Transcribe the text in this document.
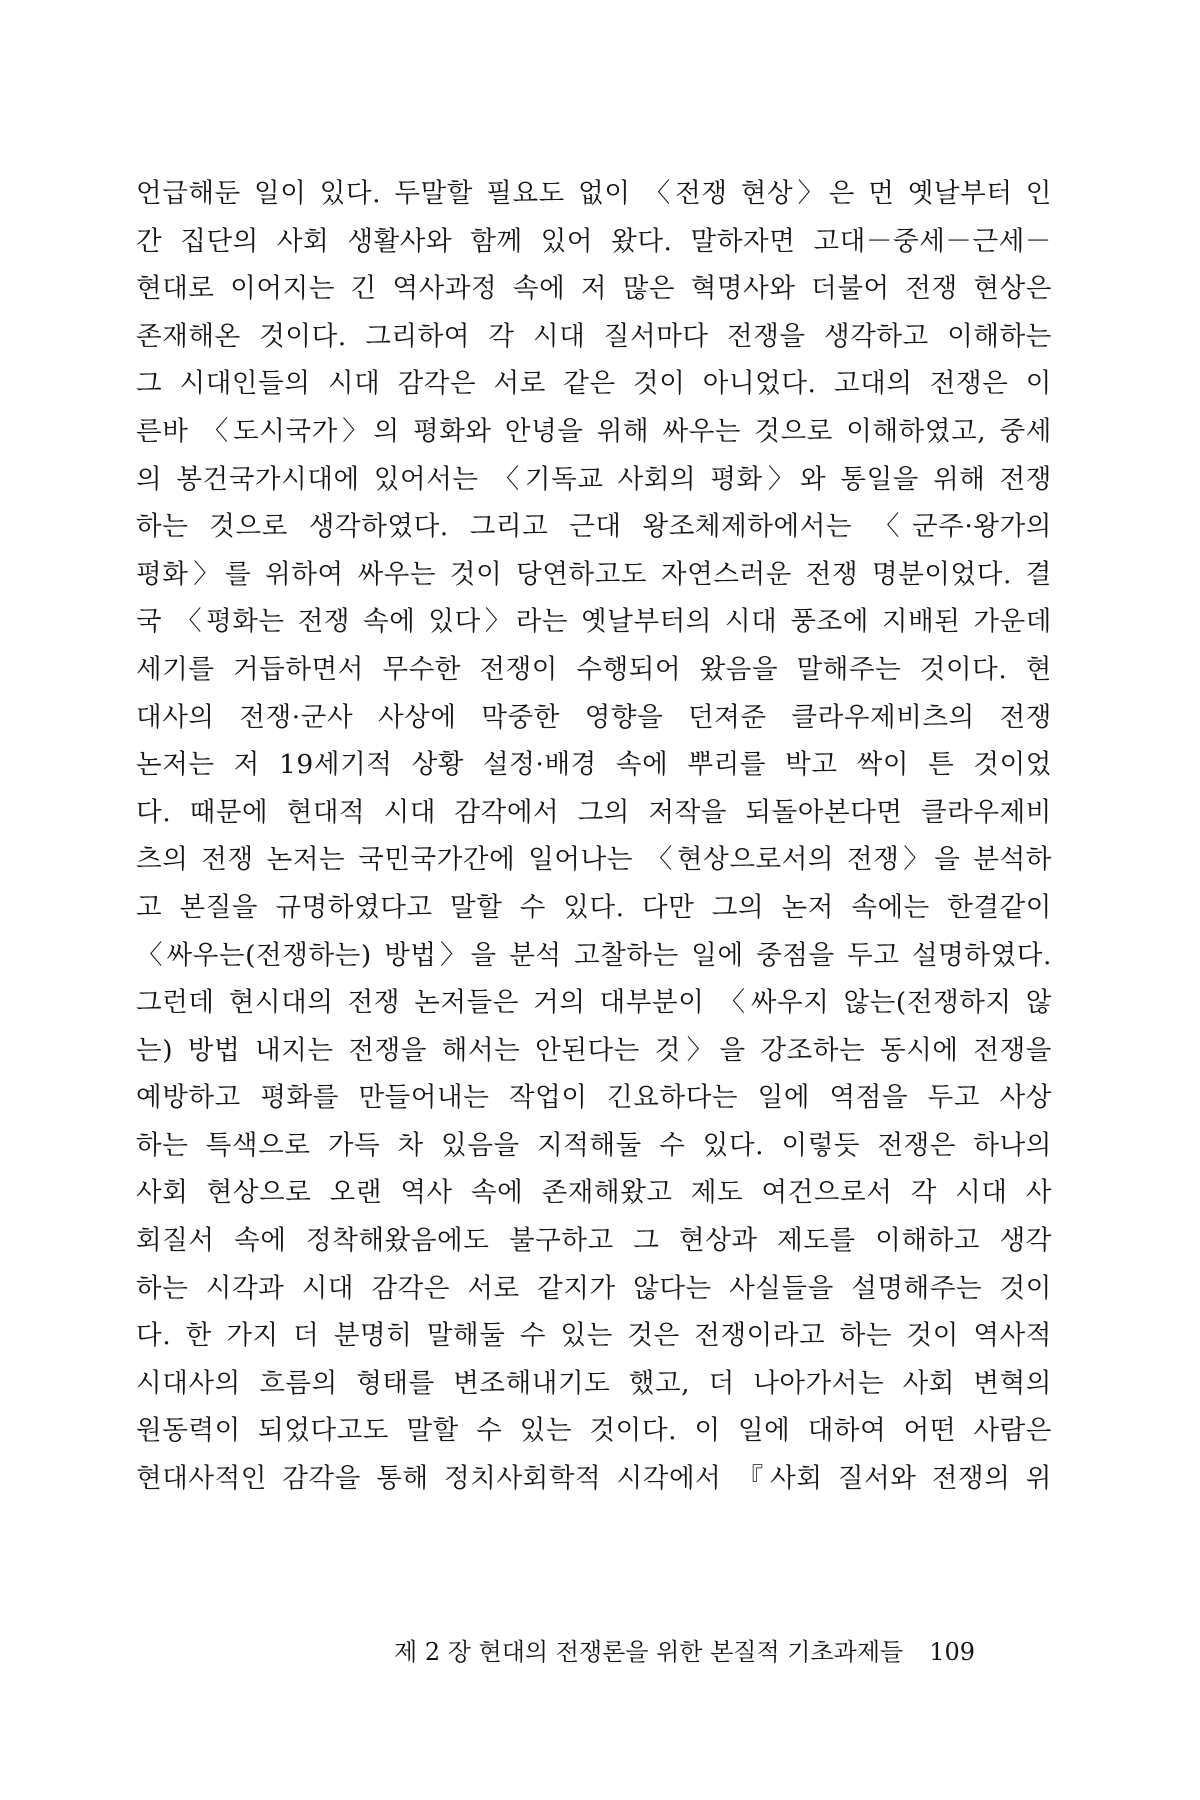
언급해둔 일이 있다. 두말할 필요도 없이 〈전쟁 현상〉은 먼 옛날부터 인
간 집단의 사회 생활사와 함께 있어 왔다. 말하자면 고대－중세－근세－
현대로 이어지는 긴 역사과정 속에 저 많은 혁명사와 더불어 전쟁 현상은
존재해온 것이다. 그리하여 각 시대 질서마다 전쟁을 생각하고 이해하는
그 시대인들의 시대 감각은 서로 같은 것이 아니었다. 고대의 전쟁은 이
른바 〈도시국가〉의 평화와 안녕을 위해 싸우는 것으로 이해하였고, 중세
의 봉건국가시대에 있어서는 〈기독교 사회의 평화〉와 통일을 위해 전쟁
하는 것으로 생각하였다. 그리고 근대 왕조체제하에서는 〈군주·왕가의
평화〉를 위하여 싸우는 것이 당연하고도 자연스러운 전쟁 명분이었다. 결
국 〈평화는 전쟁 속에 있다〉라는 옛날부터의 시대 풍조에 지배된 가운데
세기를 거듭하면서 무수한 전쟁이 수행되어 왔음을 말해주는 것이다. 현
대사의 전쟁·군사 사상에 막중한 영향을 던져준 클라우제비츠의 전쟁
논저는 저 19세기적 상황 설정·배경 속에 뿌리를 박고 싹이 튼 것이었
다. 때문에 현대적 시대 감각에서 그의 저작을 되돌아본다면 클라우제비
츠의 전쟁 논저는 국민국가간에 일어나는 〈현상으로서의 전쟁〉을 분석하
고 본질을 규명하였다고 말할 수 있다. 다만 그의 논저 속에는 한결같이
〈싸우는(전쟁하는) 방법〉을 분석 고찰하는 일에 중점을 두고 설명하였다.
그런데 현시대의 전쟁 논저들은 거의 대부분이 〈싸우지 않는(전쟁하지 않
는) 방법 내지는 전쟁을 해서는 안된다는 것〉을 강조하는 동시에 전쟁을
예방하고 평화를 만들어내는 작업이 긴요하다는 일에 역점을 두고 사상
하는 특색으로 가득 차 있음을 지적해둘 수 있다. 이렇듯 전쟁은 하나의
사회 현상으로 오랜 역사 속에 존재해왔고 제도 여건으로서 각 시대 사
회질서 속에 정착해왔음에도 불구하고 그 현상과 제도를 이해하고 생각
하는 시각과 시대 감각은 서로 같지가 않다는 사실들을 설명해주는 것이
다. 한 가지 더 분명히 말해둘 수 있는 것은 전쟁이라고 하는 것이 역사적
시대사의 흐름의 형태를 변조해내기도 했고, 더 나아가서는 사회 변혁의
원동력이 되었다고도 말할 수 있는 것이다. 이 일에 대하여 어떤 사람은
현대사적인 감각을 통해 정치사회학적 시각에서 『사회 질서와 전쟁의 위
제 2 장 현대의 전쟁론을 위한 본질적 기초과제들 109
